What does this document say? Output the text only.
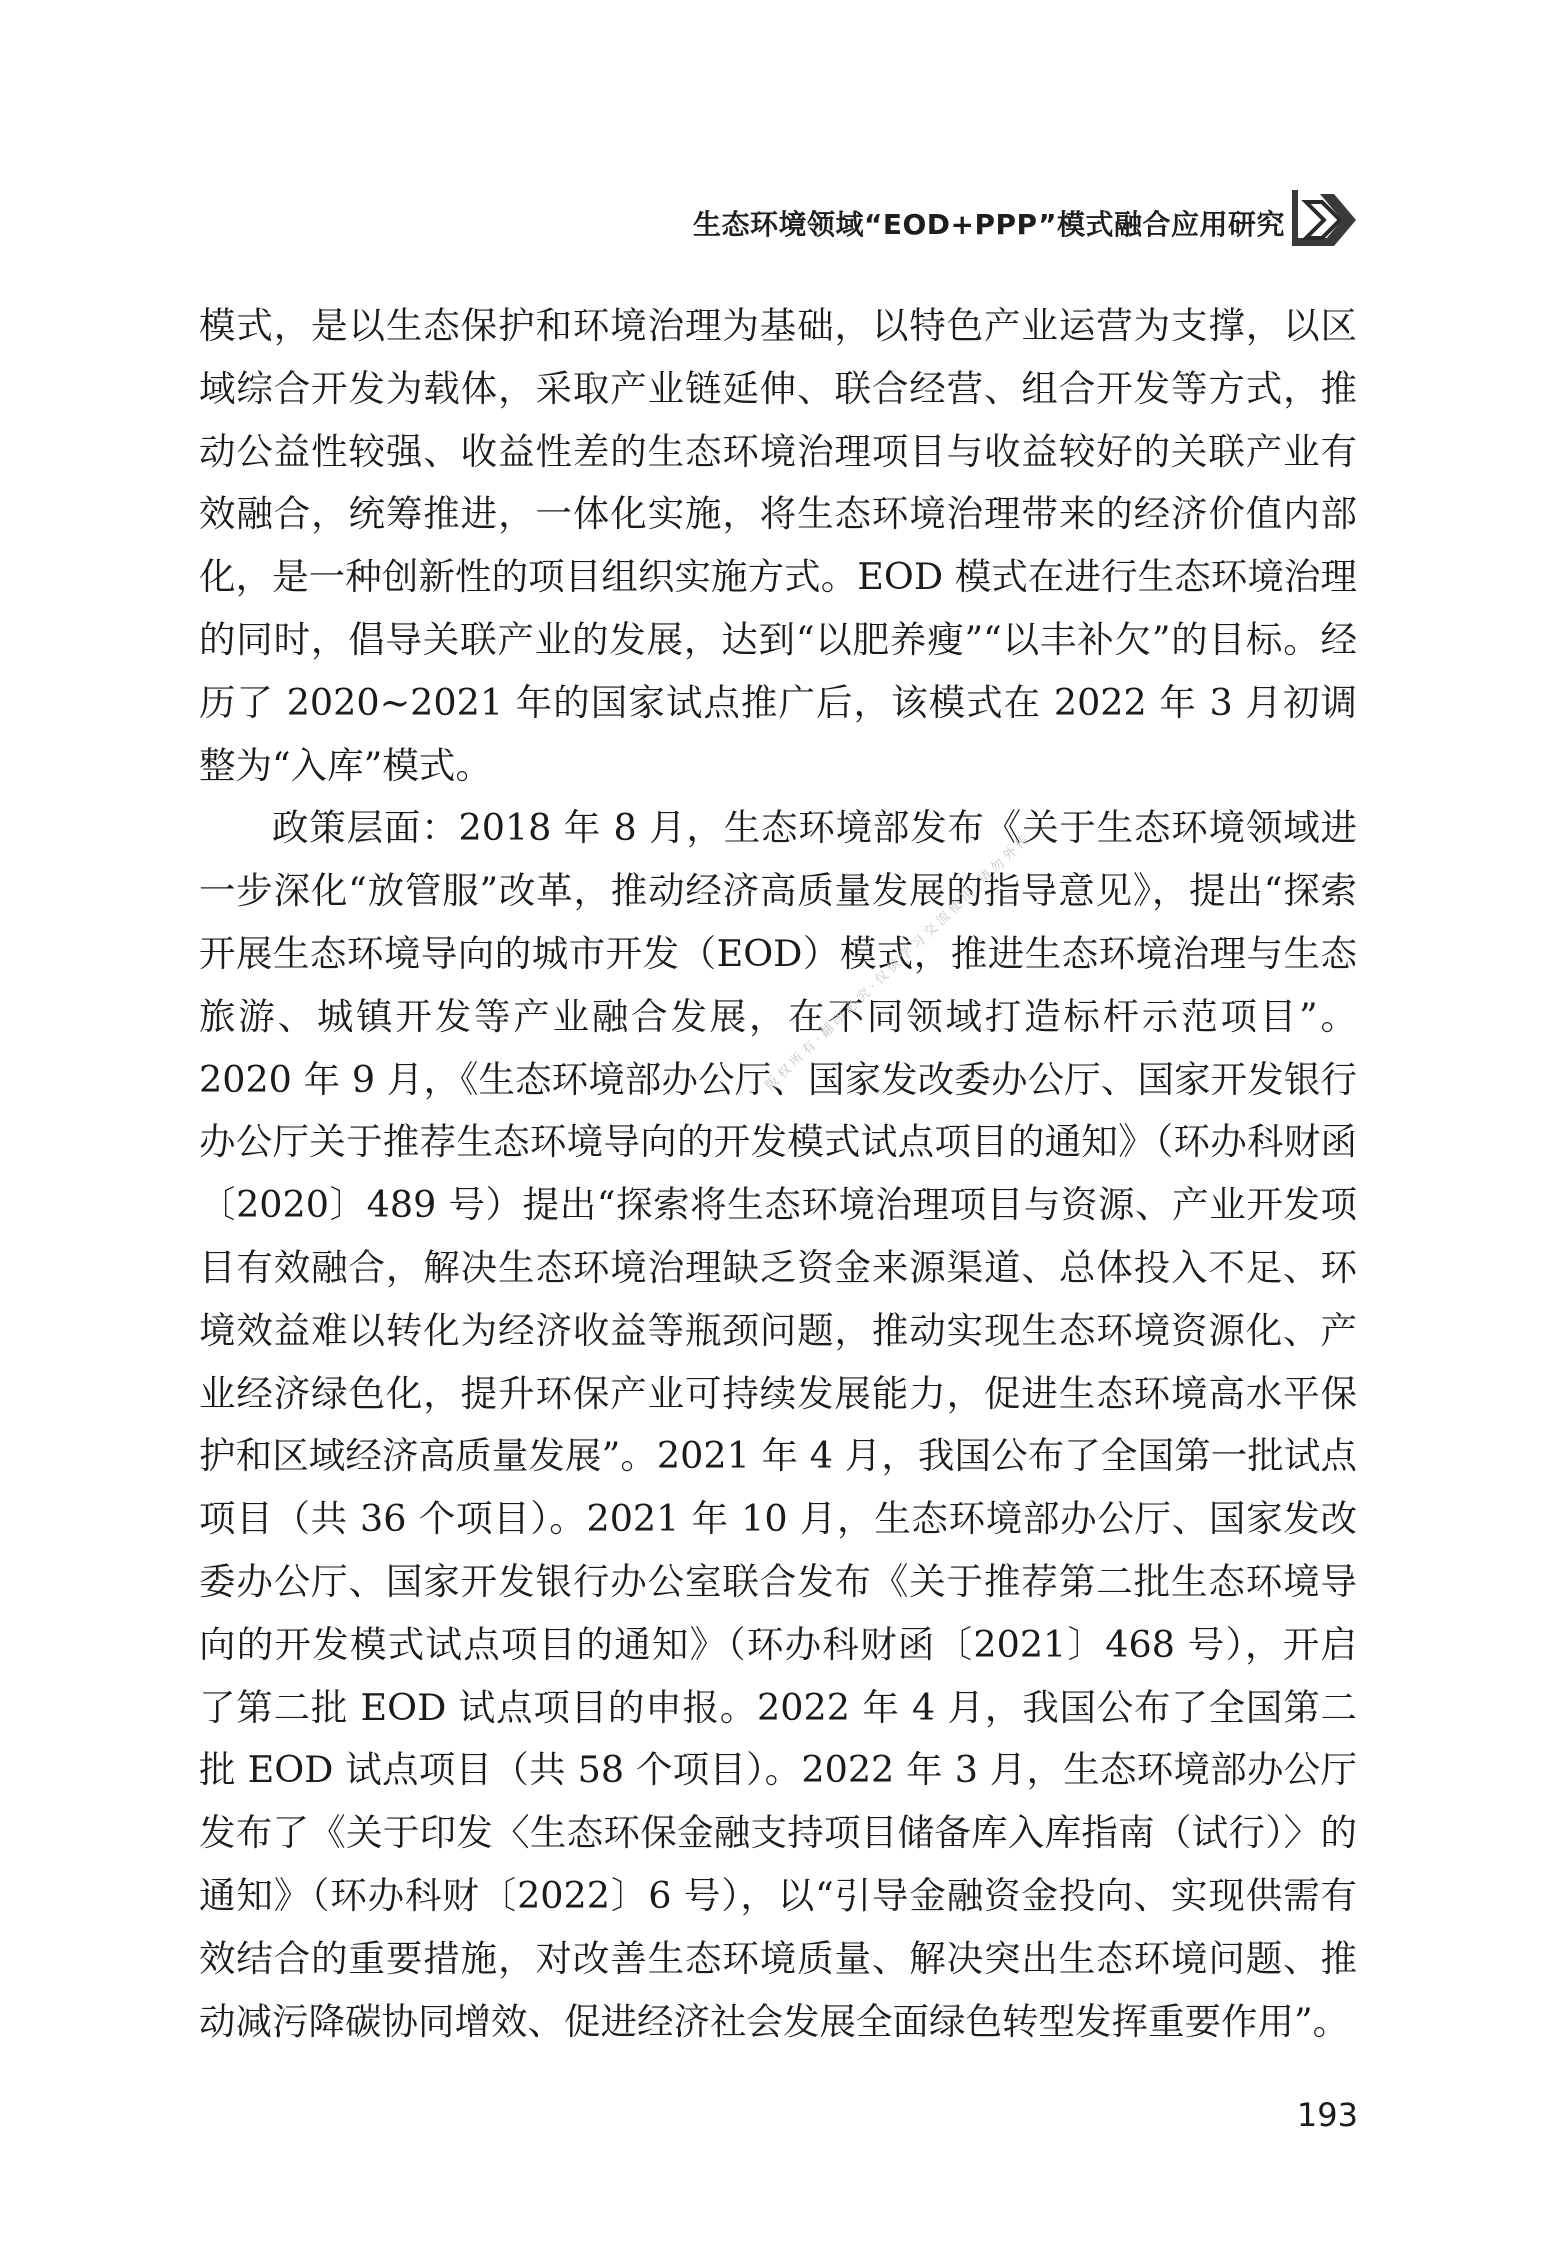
生态环境领域“EOD+PPP”模式融合应用研究

模式，是以生态保护和环境治理为基础，以特色产业运营为支撑，以区域综合开发为载体，采取产业链延伸、联合经营、组合开发等方式，推动公益性较强、收益性差的生态环境治理项目与收益较好的关联产业有效融合，统筹推进，一体化实施，将生态环境治理带来的经济价值内部化，是一种创新性的项目组织实施方式。EOD 模式在进行生态环境治理的同时，倡导关联产业的发展，达到“以肥养瘦”“以丰补欠”的目标。经历了 2020~2021 年的国家试点推广后，该模式在 2022 年 3 月初调整为“入库”模式。

政策层面：2018 年 8 月，生态环境部发布《关于生态环境领域进一步深化“放管服”改革，推动经济高质量发展的指导意见》，提出“探索开展生态环境导向的城市开发（EOD）模式，推进生态环境治理与生态旅游、城镇开发等产业融合发展，在不同领域打造标杆示范项目”。2020 年 9 月，《生态环境部办公厅、国家发改委办公厅、国家开发银行办公厅关于推荐生态环境导向的开发模式试点项目的通知》（环办科财函〔2020〕489 号）提出“探索将生态环境治理项目与资源、产业开发项目有效融合，解决生态环境治理缺乏资金来源渠道、总体投入不足、环境效益难以转化为经济收益等瓶颈问题，推动实现生态环境资源化、产业经济绿色化，提升环保产业可持续发展能力，促进生态环境高水平保护和区域经济高质量发展”。2021 年 4 月，我国公布了全国第一批试点项目（共 36 个项目）。2021 年 10 月，生态环境部办公厅、国家发改委办公厅、国家开发银行办公室联合发布《关于推荐第二批生态环境导向的开发模式试点项目的通知》（环办科财函〔2021〕468 号），开启了第二批 EOD 试点项目的申报。2022 年 4 月，我国公布了全国第二批 EOD 试点项目（共 58 个项目）。2022 年 3 月，生态环境部办公厅发布了《关于印发〈生态环保金融支持项目储备库入库指南（试行）〉的通知》（环办科财〔2022〕6 号），以“引导金融资金投向、实现供需有效结合的重要措施，对改善生态环境质量、解决突出生态环境问题、推动减污降碳协同增效、促进经济社会发展全面绿色转型发挥重要作用”。

版权所有·翻印必究·仅供学习交流使用·请勿外传
193
